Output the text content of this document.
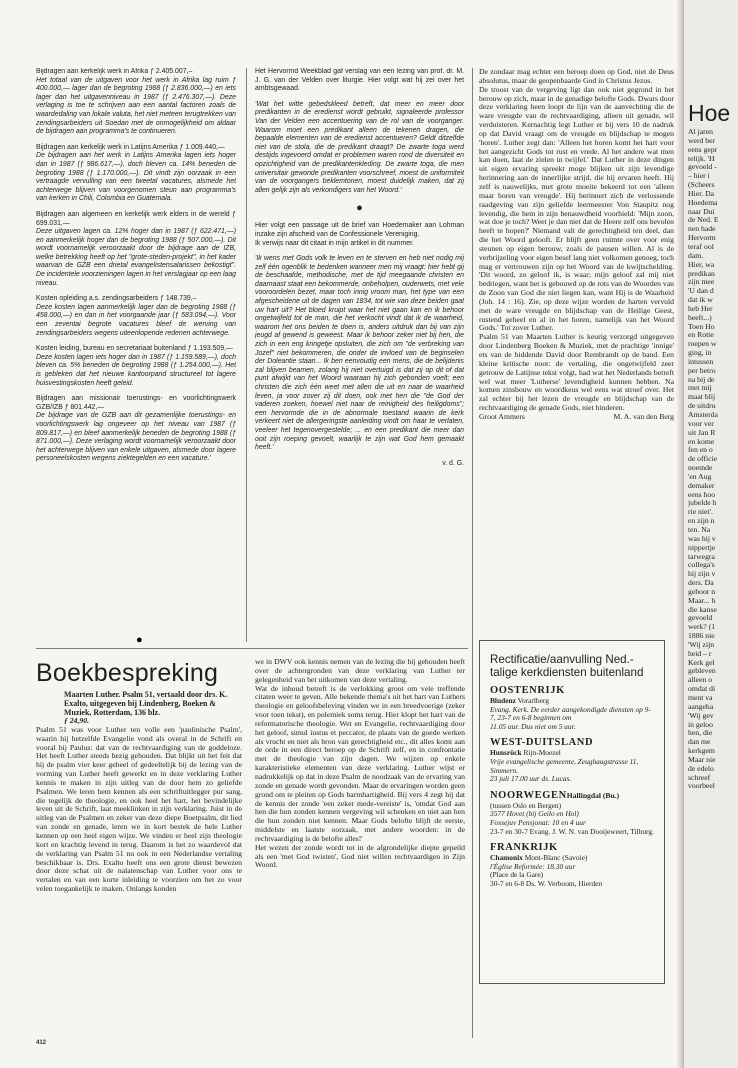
Bijdragen aan kerkelijk werk in Afrika ƒ 2.405.007,–
Het totaal van de uitgaven voor het werk in Afrika lag ruim ƒ 400.000,— lager dan de begroting 1988 (ƒ 2.836.000,—) en iets lager dan het uitgavenniveau in 1987 (ƒ 2.476.307,—). Deze verlaging is toe te schrijven aan een aantal factoren zoals de waardedaling van lokale valuta, het niet meteen terugtrekken van zendingsarbeiders uit Soedan met de onmogelijkheid om aldaar de bijdragen aan programma's te continueren.

Bijdragen aan kerkelijk werk in Latijns Amerika ƒ 1.009.440,—
De bijdragen aan het werk in Latijns Amerika lagen iets hoger dan in 1987 (ƒ 986.617,—), doch bleven ca. 14% beneden de begroting 1988 (ƒ 1.170.000,—). Dit vindt zijn oorzaak in een vertraagde vervulling van een tweetal vacatures, alsmede het achterwege blijven van voorgenomen steun aan programma's van kerken in Chili, Colombia en Guatemala.

Bijdragen aan algemeen en kerkelijk werk elders in de wereld ƒ 699.031,—
Deze uitgaven lagen ca. 12% hoger dan in 1987 (ƒ 622.471,—) en aanmerkelijk hoger dan de begroting 1988 (ƒ 507.000,—). Dit wordt voornamelijk veroorzaakt door de bijdrage aan de IZB, welke betrekking heeft op het "grote-steden-projekt", in het kader waarvan de GZB een drietal evangelistensalarissen bekostigt". De incidentele voorzieningen lagen in het verslagjaar op een laag niveau.

Kosten opleiding a.s. zendingsarbeiders ƒ 148.739,–
Deze kosten lagen aanmerkelijk lager dan de begroting 1988 (ƒ 458.000,—) en dan in het voorgaande jaar (ƒ 583.094,—). Voor een zeventai begrote vacatures bleef de werving van zendingsarbeiders wegens uiteenlopende redenen achterwege.

Kosten leiding, bureau en secretariaat buitenland ƒ 1.193.509,—
Deze kosten lagen iets hoger dan in 1987 (ƒ 1.159.589,—), doch bleven ca. 5% beneden de begroting 1988 (ƒ 1.254.000,—). Het is gebleken dat het nieuwe kantoorpand structureel tot lagere huisvestingskosten heeft geleid.

Bijdragen aan missionair toerustings- en voorlichtingswerk GZB/IZB ƒ 801.442,—
De bijdrage van de GZB aan dit gezamenlijke toerustings- en voorlichtingswerk lag ongeveer op het niveau van 1987 (ƒ 809.817,—) en bleef aanmerkelijk beneden de begroting 1988 (ƒ 871.000,—). Deze verlaging wordt voornamelijk veroorzaakt door het achterwege blijven van enkele uitgaven, alsmede door lagere personeelskosten wegens ziektegelden en een vacature.'

Het Hervormd Weekblad gaf verslag van een lezing van prof. dr. M. J. G. van der Velden over liturgie. Hier volgt wat hij zei over het ambtsgewaad.

'Wat het witte gebedskleed betreft, dat meer en meer door predikanten in de eredienst wordt gebruikt, signaleerde professor Van der Velden een accentuering van de rol van de voorganger. Waarom moet een predikant alleen de tekenen dragen, die bepaalde elementen van de eredienst accentueren? Geldt ditzelfde niet van de stola, die de predikant draagt? De zwarte toga werd destijds ingevoerd omdat er problemen waren rond de diversiteit en opzichtigheid van de predikantenkleding. De zwarte toga, die men universitair gewonde predikanten voorschreef, moest de uniformiteit van de voorgangers beklemtonen, moest duidelijk maken, dat zij allen gelijk zijn als verkondigers van het Woord.'

●

Hier volgt een passage uit de brief van Hoedemaker aan Lohman inzake zijn afscheid van de Confessionele Vereniging.

Ik verwijs naar dit citaat in mijn artikel in dit nummer.

'Ik wens met Gods volk te leven en te sterven en heb niet nodig mij zelf één ogenblik te bedenken wanneer men mij vraagt: hier hebt gij de beschaafde, methodische, met de tijd meegaande christen en daarnaast staat een bekommerde, onbeholpen, ouderwets, met vele vooroordelen bezet, maar toch innig vroom man, het type van een afgescheidene uit de dagen van 1834, tot wie van deze beiden gaat uw hart uit? Het bloed kruipt waar het niet gaan kan en ik behoor ongetwijfeld tot de man, die het verkocht vindt dat ik de waarheid, waarom het ons beiden te doen is, anders uitdruk dan bij van zijn jeugd af gewend is geweest. Maar ik behoor zeker niet bij hen, die zich in een eng kringetje opsluiten, die zich om "de verbreking van Jozef" niet bekommeren, die onder de invloed van de beginselen der Doleantie staan... Ik ben eenvoudig een mens, die de belijdenis zal blijven beamen, zolang hij niet overtuigd is dat zij op dit of dat punt afwijkt van het Woord waaraan hij zich gebonden voelt; een christen die zich één weet met allen die uit en naar de waarheid leven, ja voor zover zij dit doen, ook met hen die "de God der vaderen zoeken, hoewel niet naar de reinigheid des heiligdoms"; een hervormde die in de abnormale toestand waarin de kerk verkeert niet de allergeringste aanleiding vindt om haar te verlaten, veeleer het tegenovergestelde; ... en een predikant die meer dan ooit zijn roeping gevoelt, waarlijk te zijn wat God hem gemaakt heeft.'

v. d. G.

De zondaar mag echter een beroep doen op God, niet de Deus absolutus, maar de geopenbaarde God in Christus Jezus.

De troost van de vergeving ligt dan ook niet gegrond in het berouw op zich, maar in de genadige belofte Gods. Dwars door deze verklaring heen loopt de lijn van de aanvechting die de ware vreugde van de rechtvaardiging, alleen uit genade, wil verduisteren. Kernachtig legt Luther er bij vers 10 de nadruk op dat David vraagt om de vreugde en blijdschap te mogen 'horen'. Luther zegt dan: 'Alleen het horen komt het hart voor het aangezicht Gods tot rust en vrede. Al het andere wat men kan doen, laat de zielen in twijfel.' Dat Luther in deze dingen uit eigen ervaring spreekt moge blijken uit zijn levendige herinnering aan de innerlijke strijd, die hij ervaren heeft. Hij zelf is nauwelijks, met grote moeite bekeerd tot een 'alleen maar horen van vreugde'. Hij herinnert zich de verlossende raadgeving van zijn geliefde leermeester Von Staupitz nog levendig, die hem in zijn benauwdheid voorhield: 'Mijn zoon, wat doe je toch? Weet je dan niet dat de Heere zelf ons bevolen heeft te hopen?' Niemand valt de gerechtigheid ten deel, dan die het Woord gelooft. Er blijft geen ruimte over voor enig steunen op eigen berouw, zoals de pausen willen. Al is de verbrijzeling voor eigen besef lang niet volkomen genoeg, toch mag er vertrouwen zijn op het Woord van de kwijtschelding. 'Dit woord, zo geloof ik, is waar; mijn geloof zal mij niet bedriegen, want het is gebouwd op de rots van de Woorden van de Zoon van God die niet liegen kan, want Hij is de Waarheid (Joh. 14 : 16). Zie, op deze wijze worden de harten vervuld met de ware vreugde en blijdschap van de Heilige Geest, rustend geheel en al in het horen, namelijk van het Woord Gods.' Tot zover Luther.

Psalm 51 van Maarten Luther is keurig verzorgd uitgegeven door Lindenberg Boeken & Muziek, met de prachtige 'innige' ets van de biddende David door Rembrandt op de band. Een kleine kritische noot: de vertaling, die ongetwijfeld zeer getrouw de Latijnse tekst volgt, had wat het Nederlands betreft wel wat meer 'Lutherse' levendigheid kunnen hebben. Na komen zinsbouw en woordkeus wel eens wat stroef over. Het zal echter bij het lezen de vreugde en blijdschap van de rechtvaardiging de genade Gods, niet hinderen.

Groot Ammers	M. A. van den Berg
●
Boekbespreking
Maarten Luther. Psalm 51, vertaald door drs. K. Exalto, uitgegeven bij Lindenberg, Boeken & Muziek, Rotterdam, 136 blz.
ƒ 24,90.

Psalm 51 was voor Luther ten volle een 'paulinische Psalm', waarin hij hetzelfde Evangelie vond als overal in de Schrift en vooral bij Paulus: dat van de rechtvaardiging van de goddeloze. Het heeft Luther steeds bezig gehouden. Dat blijkt uit het feit dat hij de psalm vier keer geheel of gedeeltelijk bij de lezing van de vorming van Luther heeft gewerkt en in deze verklaring Luther kennis te maken in zijn uitleg van de door hem zo geliefde Psalmen. We leren hem kennen als een schriftuitlegger pur sang, die tegelijk de theologie, en ook heel het hart, het bevindelijke leven uit de Schrift, laat meeklinken in zijn verklaring. Juist in de uitleg van de Psalmen en zeker van deze diepe Boetpsalm, dit lied van zonde en genade, leren we in kort bestek de hele Luther kennen op een heel eigen wijze. We vinden er heel zijn theologie kort en krachtig levend in terug. Daarom is het zo waardevol dat de verklaring van Psalm 51 nu ook in een Nederlandse vertaling beschikbaar is. Drs. Exalto heeft ons een grote dienst bewezen door deze schat uit de nalatenschap van Luther voor ons te vertalen en van een korte inleiding te voorzien om het zo voor velen toegankelijk te maken. Onlangs konden

we in DWV ook kennis nemen van de lezing die hij gehouden heeft over de achtergronden van deze verklaring van Luther ter gelegenheid van het uitkomen van deze vertaling.

Wat de inhoud betreft is de verlokking groot om vele treffende citaten weer te geven. Alle bekende thema's uit het hart van Luthers theologie en geloofsbeleving vinden we in een breedvoerige (zeker voor toen tekst), en polemiek soms terug. Hier klopt het hart van de reformatorische theologie. Wet en Evangelie, rechtvaardiging door het geloof, simul iustus et peccator, de plaats van de goede werken als vrucht en niet als bron van gerechtigheid etc., dit alles komt aan de orde in een direct beroep op de Schrift zelf, en in confrontatie met de theologie van zijn dagen. We wijzen op enkele karakteristieke elementen van deze verklaring. Luther wijst er nadrukkelijk op dat in deze Psalm de noodzaak van de ervaring van zonde en genade wordt gevonden. Maar de ervaringen worden geen grond om te pleiten op Gods barmhartigheid. Bij vers 4 zegt hij dat de kennis der zonde 'een zeker mede-vereiste' is, 'omdat God aan hen die hun zonden kennen vergeving wil schenken en niet aan hen die hun zonden niet kennen. Maar Gods belofte blijft de eerste, middelste en laatste oorzaak, met andere woorden: in de rechtvaardiging is de belofte alles!'

Het wezen der zonde wordt tot in de afgrondelijke diepte gepeild als een 'met God twisten', God niet willen rechtvaardigen in Zijn Woord.

Rectificatie/aanvulling Ned.-talige kerkdiensten buitenland
OOSTENRIJK
Bludenz Vorarlberg
Evang. Kerk. De eerder aangekondigde diensten op 9-7, 23-7 en 6-8 beginnen om
11.05 uur. Dus niet om 5 uur.
WEST-DUITSLAND
Hunsrück Rijn-Moezel
Vrije evangelische gemeente, Zeughaugstrasse 11, Simmern.
23 juli 17.00 uur ds. Lucas.
NOORWEGENHallingdal (Bu.)
(tussen Oslo en Bergen)
3577 Hovet (bij Geilo en Hol)
Fossejuv Pensjonat: 10 en 4 uur
23-7 en 30-7 Evang. J. W. N. van Dooijeweert, Tilburg.
FRANKRIJK
Chamonix Mont-Blanc (Savoie)
l'Église Reformée: 18.30 uur
(Place de la Gare)
30-7 en 6-8 Ds. W. Verboom, Hierden
412
Hoe
Al jaren
werd ber
eens gepr
telijk. 'H
gevoeld -
– hier i
(Scheers
Hier. Da
Hoedema
naar Dui
de Ned. E
nen hade
Hervorm
teraf ool
dam.
Hier, wa
predikan
zijn mee
'U dan d
dat ik w
heb Her
heeft...)
Toen Ho
en Rotte
roepen w
ging, in
intussen
per betro
na bij de
met mij
maat blij
de uitdru
Amsterda
voor ver
uit Jan R
en kome
fen en o
de officie
noemde
'en Aug
demaker
eens hoo
jubelde h
rie niet'.
en zijn n
ten. Na
was hij v
nippertje
tarwegra
collega's
hij zijn v
ders. Da
gehoor n
Maar... h
die kanse
gevoeld
werk? (1
1886 nie
'Wij zijn
heid – r
Kerk gel
gebleven
alleen o
omdat di
ment va
aangeha
'Wij gev
in geloo
hen, die
dan me
kerkgem
Maar nie
de edelo
schreef
voorbeel
